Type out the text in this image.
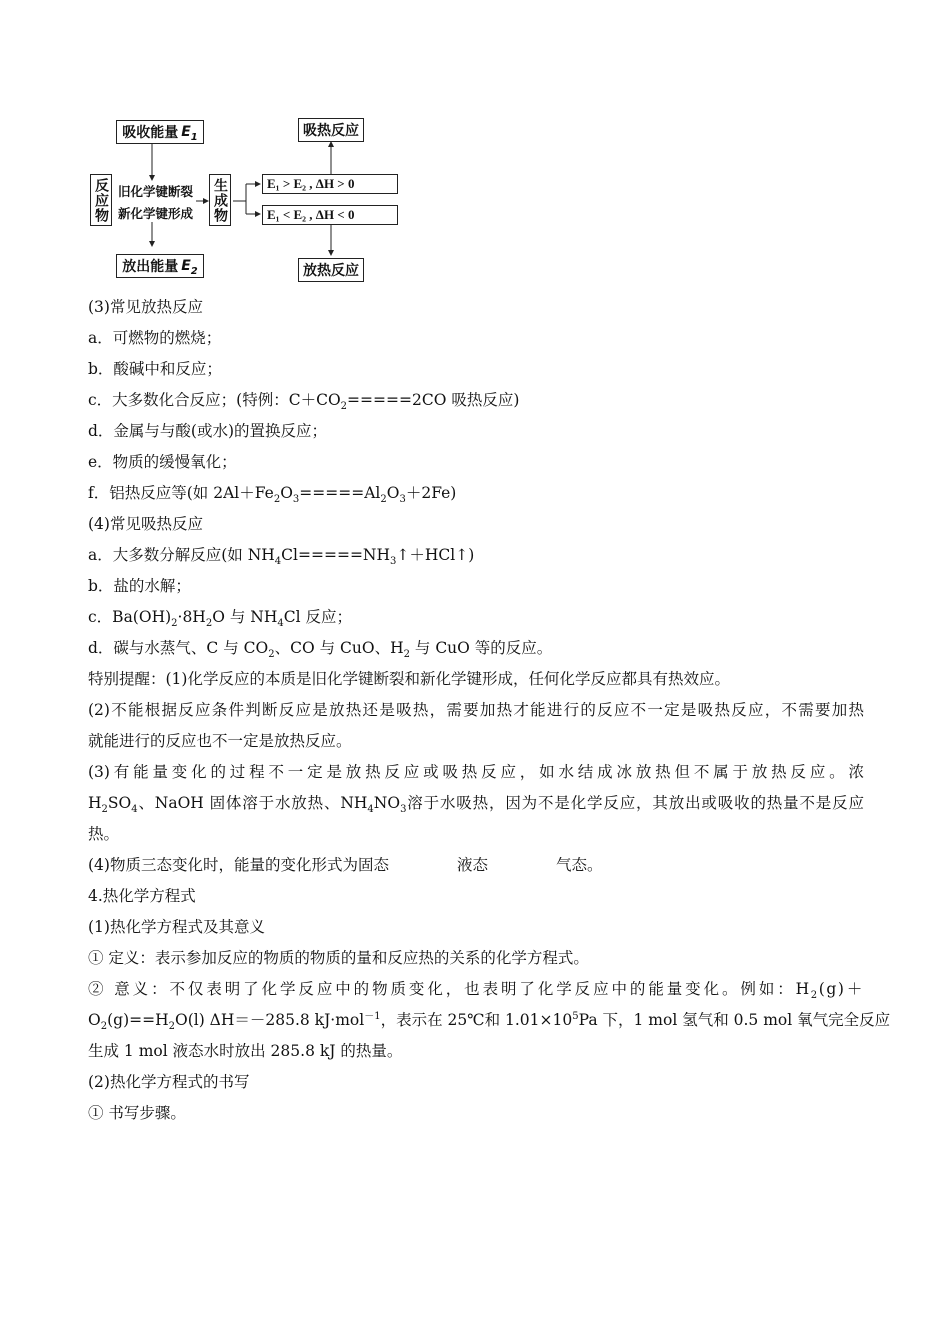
吸收能量 $E_1$
反应物 旧化学键断裂
新化学键形成 生成物
放出能量 $E_2$
吸热反应
E₁ > E₂ , ΔH > 0
E₁ < E₂ , ΔH < 0
放热反应
(3)常见放热反应
a．可燃物的燃烧；
b．酸碱中和反应；
c．大多数化合反应；(特例：$C+CO_2=====2CO$ 吸热反应)
d．金属与与酸(或水)的置换反应；
e．物质的缓慢氧化；
f．铝热反应等(如 $2Al+Fe_2O_3=====Al_2O_3+2Fe$)
(4)常见吸热反应
a．大多数分解反应(如 $NH_4Cl=====NH_3↑+HCl↑$)
b．盐的水解；
c．$Ba(OH)_2\cdot 8H_2O$ 与 $NH_4Cl$ 反应；
d．碳与水蒸气、C 与 $CO_2$、CO 与 CuO、$H_2$ 与 CuO 等的反应。
特别提醒：(1)化学反应的本质是旧化学键断裂和新化学键形成，任何化学反应都具有热效应。
(2)不能根据反应条件判断反应是放热还是吸热，需要加热才能进行的反应不一定是吸热反应，不需要加热
就能进行的反应也不一定是放热反应。
(3)有能量变化的过程不一定是放热反应或吸热反应，如水结成冰放热但不属于放热反应。浓
$H_2SO_4$、NaOH 固体溶于水放热、$NH_4NO_3$溶于水吸热，因为不是化学反应，其放出或吸收的热量不是反应
热。
(4)物质三态变化时，能量的变化形式为固态	液态	气态。
4.热化学方程式
(1)热化学方程式及其意义
① 定义：表示参加反应的物质的物质的量和反应热的关系的化学方程式。
② 意义：不仅表明了化学反应中的物质变化，也表明了化学反应中的能量变化。例如：$H_2(g)+$
$O_2(g)==H_2O(l)$ ΔH＝－285.8 kJ·mol$^{-1}$，表示在 25℃和 $1.01\times 10^5Pa$ 下，1 mol 氢气和 0.5 mol 氧气完全反应
生成 1 mol 液态水时放出 285.8 kJ 的热量。
(2)热化学方程式的书写
① 书写步骤。
